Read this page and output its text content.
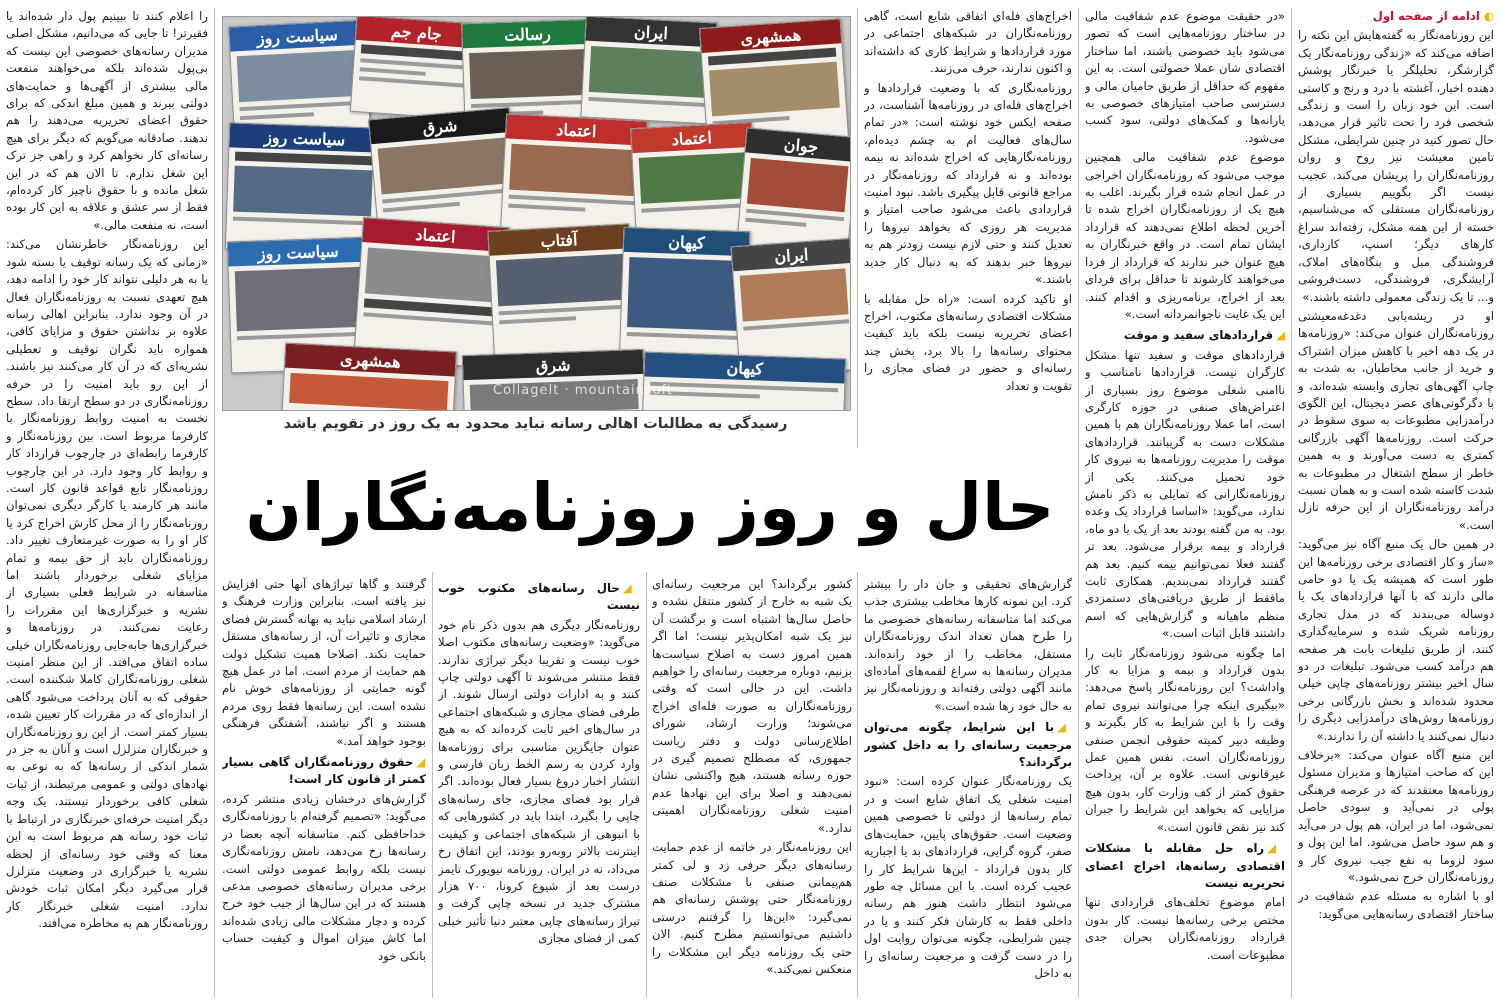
◐ ادامه از صفحه اول

این روزنامه‌نگار به گفته‌هایش این نکته را اضافه می‌کند که «زندگی روزنامه‌نگار یک گزارشگر، تحلیلگر یا خبرنگار پوشش دهنده اخبار، آغشته با درد و رنج و کاستی است. این خود زبان را است و زندگی شخصی فرد را تحت تاثیر قرار می‌دهد، حال تصور کنید در چنین شرایطی، مشکل تامین معیشت نیز روح و روان روزنامه‌نگاران را پریشان می‌کند. عجیب نیست اگر بگوییم بسیاری از روزنامه‌نگاران مستقلی که می‌شناسیم، خسته از این همه مشکل، رفته‌اند سراغ کارهای دیگر؛ اسنپ، کارداری، فروشندگی مبل و بنگاه‌های املاک، آرایشگری، فروشندگی، دست‌فروشی و... تا یک زندگی معمولی داشته باشند.»

او در ریشه‌یابی دغدغه‌معیشتی روزنامه‌نگاران عنوان می‌کند: «روزنامه‌ها در یک دهه اخیر با کاهش میزان اشتراک و خرید از جانب مخاطبان، به شدت به چاپ آگهی‌های تجاری وابسته شده‌اند، و با دگرگونی‌های عصر دیجیتال، این الگوی درآمدزایی مطبوعات به سوی سقوط در حرکت است. روزنامه‌ها آگهی بازرگانی کمتری به دست می‌آورند و به همین خاطر از سطح اشتغال در مطبوعات به شدت کاسته شده است و به همان نسبت درآمد روزنامه‌نگاران از این حرفه نازل است.»

در همین حال یک منبع آگاه نیز می‌گوید: «ساز و کار اقتصادی برخی روزنامه‌ها این طور است که همیشه یک یا دو حامی مالی دارند که با آنها قراردادهای یک یا دوساله می‌بندند که در مدل تجاری روزنامه شریک شده و سرمایه‌گذاری کنند. از طریق تبلیغات بابت هر صفحه هم درآمد کسب می‌شود. تبلیغات در دو سال اخیر بیشتر روزنامه‌های چاپی خیلی محدود شده‌اند و بخش بازرگانی برخی روزنامه‌ها روش‌های درآمدزایی دیگری را دنبال نمی‌کنند یا داشته آن را ندارند.»

این منبع آگاه عنوان می‌کند: «برخلاف این که صاحب امتیازها و مدیران مسئول روزنامه‌ها معتقدند که در عرصه فرهنگی پولی در نمی‌آید و سودی حاصل نمی‌شود، اما در ایران، هم پول در می‌آید و هم سود حاصل می‌شود. اما این پول و سود لزوما به نفع جیب نیروی کار و روزنامه‌نگاران خرج نمی‌شود.»

او با اشاره به مسئله عدم شفافیت در ساختار اقتصادی رسانه‌هایی می‌گوید:

«در حقیقت موضوع عدم شفافیت مالی در ساختار روزنامه‌هایی است که تصور می‌شود باید خصوصی باشند، اما ساختار اقتصادی شان عملا خصولتی است. به این مفهوم که حداقل از طریق حامیان مالی و دسترسی صاحب امتیازهای خصوصی به یارانه‌ها و کمک‌های دولتی، سود کسب می‌شود.

موضوع عدم شفافیت مالی همچنین موجب می‌شود که روزنامه‌نگاران اخراجی در عمل انجام شده قرار بگیرند. اغلب به هیچ یک از روزنامه‌نگاران اخراج شده تا آخرین لحظه اطلاع نمی‌دهند که قرارداد ایشان تمام است. در واقع خبرنگاران به هیچ عنوان خبر ندارند که قرارداد از فردا می‌خواهند کارشوند تا حداقل برای فردای بعد از اخراج، برنامه‌ریزی و اقدام کنند. این یک غایت ناجوانمردانه است.»

◢قراردادهای سفید و موقت

قراردادهای موقت و سفید تنها مشکل کارگران نیست. قراردادها نامناسب و ناامنی شغلی موضوع روز بسیاری از اعتراض‌های صنفی در حوزه کارگری است، اما عملا روزنامه‌نگاران هم با همین مشکلات دست به گریبانند. قراردادهای موقت را مدیریت روزنامه‌ها به نیروی کار خود تحمیل می‌کنند. یکی از روزنامه‌نگارانی که تمایلی به ذکر نامش ندارد، می‌گوید: «اساسا قرارداد یک وعده بود. به من گفته بودند بعد از یک یا دو ماه، قرارداد و بیمه برقرار می‌شود. بعد تر گفتند فعلا نمی‌توانیم بیمه کنیم. بعد هم گفتند قرارداد نمی‌بندیم. همکاری ثابت مافقط از طریق دریافتی‌های دستمزدی منظم ماهیانه و گزارش‌هایی که اسم داشتند قابل اثبات است.»

اما چگونه می‌شود روزنامه‌نگار ثابت را بدون قرارداد و بیمه و مزایا به کار واداشت؟ این روزنامه‌نگار پاسخ می‌دهد: «بیگیری اینکه چرا می‌توانند نیروی تمام وقت را با این شرایط به کار بگیرند و وظیفه دبیر کمیته حقوقی انجمن صنفی روزنامه‌نگاران است. نفس همین عمل غیرقانونی است. علاوه بر آن، پرداخت حقوق کمتر از کف وزارت کار، بدون هیچ مزایایی که بخواهد این شرایط را جبران کند نیز نقض قانون است.»

◢راه حل مقابله با مشکلات اقتصادی رسانه‌ها، اخراج اعضای تحریریه نیست

امام موضوع تخلف‌های قراردادی تنها مختص برخی رسانه‌ها نیست. کار بدون قرارداد روزنامه‌نگاران بحران جدی مطبوعات است.

اخراج‌های فله‌ای اتفاقی شایع است، گاهی روزنامه‌نگاران در شبکه‌های اجتماعی در مورد قراردادها و شرایط کاری که داشته‌اند و اکنون ندارند، حرف می‌زنند.

روزنامه‌نگاری که با وضعیت قراردادها و اخراج‌های فله‌ای در روزنامه‌ها آشناست، در صفحه ایکس خود نوشته است: «در تمام سال‌های فعالیت ام به چشم دیده‌ام، روزنامه‌نگارهایی که اخراج شده‌اند نه بیمه بوده‌اند و نه قرارداد که روزنامه‌نگار در مراجع قانونی قابل پیگیری باشد. نبود امنیت قراردادی باعث می‌شود صاحب امتیاز و مدیریت هر روزی که بخواهد نیرو‌ها را تعدیل کنند و حتی لازم نیست زودتر هم به نیرو‌ها خبر بدهند که به دنبال کار جدید باشند.»

او تاکید کرده است: «راه حل مقابله با مشکلات اقتصادی رسانه‌های مکتوب، اخراج اعضای تحریریه نیست بلکه باید کیفیت محتوای رسانه‌ها را بالا برد، بخش چند رسانه‌ای و حضور در فضای مجازی را تقویت و تعداد

سیاست روز	جام جم	رسالت	ایران	همشهری
سیاست روز
شرق	اعتماد	اعتماد	جوان
سیاست روز
اعتماد	آفتاب	کیهان
ایران
همشهری	شرق	کیهان
CollageIt · mountainsoft
رسیدگی به مطالبات اهالی رسانه نباید محدود به یک روز در تقویم باشد
حال و روز روزنامه‌نگاران

گزارش‌های تحقیقی و جان دار را بیشتر کرد. این نمونه کارها مخاطب بیشتری جذب می‌کند اما متاسفانه رسانه‌های خصوصی ما را طرح همان تعداد اندک روزنامه‌نگاران مستقل، مخاطب را از خود رانده‌اند. مدیران رسانه‌ها به سراغ لقمه‌های آماده‌ای مانند آگهی دولتی رفته‌اند و روزنامه‌نگار نیز به حال خود رها شده است.»

◢با این شرایط، چگونه می‌توان مرجعیت رسانه‌ای را به داخل کشور برگرداند؟

یک روزنامه‌نگار عنوان کرده است: «نبود امنیت شغلی یک اتفاق شایع است و در تمام رسانه‌ها از دولتی تا خصوصی همین وضعیت است. حقوق‌های پایین، حمایت‌های صفر، گروه گرایی، قراردادهای بد یا اجباریه کار بدون قرارداد - این‌ها شرایط کار را عجیب کرده است. با این مسائل چه طور می‌شود انتظار داشت هنوز هم رسانه داخلی فقط به کارشان فکر کنند و یا در چنین شرایطی، چگونه می‌توان روایت اول را در دست گرفت و مرجعیت رسانه‌ای را به داخل

کشور برگرداند؟ این مرجعیت رسانه‌ای یک شبه به خارج از کشور منتقل نشده و حاصل سال‌ها اشتباه است و برگشت آن نیز یک شبه امکان‌پذیر نیست؛ اما اگر همین امروز دست به اصلاح سیاست‌ها بزنیم، دوباره مرجعیت رسانه‌ای را خواهیم داشت. این در حالی است که وقتی روزنامه‌نگاران به صورت فله‌ای اخراج می‌شوند؛ وزارت ارشاد، شورای اطلاع‌رسانی دولت و دفتر ریاست جمهوری، که مصطلح تصمیم گیری در حوزه رسانه هستند، هیچ واکنشی نشان نمی‌دهند و اصلا برای این نهادها عدم امنیت شغلی روزنامه‌نگاران اهمیتی ندارد.»

این روزنامه‌نگار در خاتمه از عدم حمایت رسانه‌های دیگر حرفی زد و لی کمتر هم‌پیمانی صنفی با مشکلات صنف روزنامه‌نگار حتی پوشش رسانه‌ای هم نمی‌گیرد: «این‌ها را گرفتنم درستی داشتیم می‌توانستیم مطرح کنیم. الان حتی یک روزنامه دیگر این مشکلات را منعکس نمی‌کند.»

◢حال رسانه‌های مکتوب خوب نیست

روزنامه‌نگار دیگری هم بدون ذکر نام خود می‌گوید: «وضعیت رسانه‌های مکتوب اصلا خوب نیست و تقریبا دیگر تیراژی ندارند. فقط منتشر می‌شوند تا آگهی دولتی چاپ کنند و به ادارات دولتی ارسال شوند. از طرفی فضای مجازی و شبکه‌های اجتماعی در سال‌های اخیر ثابت کرده‌اند که به هیچ عنوان جایگزین مناسبی برای روزنامه‌ها وارد کردن به رسم الخط زبان فارسی و انتشار اخبار دروغ بسیار فعال بوده‌اند. اگر قرار بود فضای مجازی، جای رسانه‌های چاپی را بگیرد، ابتدا باید در کشورهایی که با انبوهی از شبکه‌های اجتماعی و کیفیت اینترنت بالاتر روبه‌رو بودند، این اتفاق رخ می‌داد، نه در ایران. روزنامه نیویورک تایمز درست بعد از شیوع کرونا، ۷۰۰ هزار مشترک جدید در نسخه چاپی گرفت و تیراژ رسانه‌های چاپی معتبر دنیا تأثیر خیلی کمی از فضای مجازی

گرفتند و گاها تیراژهای آنها حتی افزایش نیز یافته است. بنابراین وزارت فرهنگ و ارشاد اسلامی نباید به بهانه گسترش فضای مجازی و تاثیرات آن، از رسانه‌های مستقل حمایت نکند. اصلاحا همیت تشکیل دولت هم حمایت از مردم است. اما در عمل هیچ گونه حمایتی از روزنامه‌های خوش نام نشده است. این رسانه‌ها فقط روی مردم هستند و اگر نباشند، آشفتگی فرهنگی بوجود خواهد آمد.»

◢حقوق روزنامه‌نگاران گاهی بسیار کمتر از قانون کار است!

گزارش‌های درخشان زیادی منتشر کرده، می‌گوید: «تصمیم گرفته‌ام با روزنامه‌نگاری خداحافظی کنم. متاسفانه آنچه بعضا در رسانه‌ها رخ می‌دهد، نامش روزنامه‌نگاری نیست بلکه روابط عمومی دولتی است. برخی مدیران رسانه‌های خصوصی مدعی هستند که در این سال‌ها از جیب خود خرج کرده و دچار مشکلات مالی زیادی شده‌اند اما کاش میزان اموال و کیفیت حساب بانکی خود

را اعلام کنند تا ببینیم پول دار شده‌اند یا فقیرتر! تا جایی که می‌دانیم، مشکل اصلی مدیران رسانه‌های خصوصی این نیست که بی‌پول شده‌اند بلکه می‌خواهند منفعت مالی بیشتری از آگهی‌ها و حمایت‌های دولتی ببرند و همین مبلغ اندکی که برای حقوق اعضای تحریریه می‌دهند را هم ندهند. صادقانه می‌گویم که دیگر برای هیچ رسانه‌ای کار نخواهم کرد و راهی جز ترک این شغل ندارم. تا الان هم که در این شغل مانده و با حقوق ناچیز کار کرده‌ام، فقط از سر عشق و علاقه به این کار بوده است، نه منفعت مالی.»

این روزنامه‌نگار خاطرنشان می‌کند: «زمانی که یک رسانه توقیف یا بسته شود یا به هر دلیلی نتواند کار خود را ادامه دهد، هیچ تعهدی نسبت به روزنامه‌نگاران فعال در آن وجود ندارد. بنابراین اهالی رسانه علاوه بر نداشتن حقوق و مزایای کافی، همواره باید نگران توقیف و تعطیلی نشریه‌ای که در آن کار می‌کنند نیز باشند. از این رو باید امنیت را در حرفه روزنامه‌نگاری در دو سطح ارتقا داد. سطح نخست به امنیت روابط روزنامه‌نگار با کارفرما مربوط است. بین روزنامه‌نگار و کارفرما رابطه‌ای در چارچوب قرارداد کار و روابط کار وجود دارد. در این چارچوب روزنامه‌نگار تابع قواعد قانون کار است. مانند هر کارمند یا کارگر دیگری نمی‌توان روزنامه‌نگار را از محل کارش اخراج کرد یا کار او را به صورت غیرمتعارف تغییر داد. روزنامه‌نگاران باید از حق بیمه و تمام مزایای شغلی برخوردار باشند اما متاسفانه در شرایط فعلی بسیاری از نشریه و خبرگزاری‌ها این مقررات را رعایت نمی‌کنند. در روزنامه‌ها و خبرگزاری‌ها جابه‌جایی روزنامه‌نگاران خیلی ساده اتفاق می‌افتد. از این منظر امنیت شغلی روزنامه‌نگاران کاملا شکننده است. حقوقی که به آنان پرداخت می‌شود گاهی از اندازه‌ای که در مقررات کار تعیین شده، بسیار کمتر است. از این رو روزنامه‌نگاران و خبرنگاران متزلزل است و آنان به جز در شمار اندکی از رسانه‌ها که به نوعی به نهادهای دولتی و عمومی مرتبطند، از ثبات شغلی کافی برخوردار نیستند. یک وجه دیگر امنیت حرفه‌ای خبرنگاری در ارتباط با ثبات خود رسانه هم مربوط است به این معنا که وقتی خود رسانه‌ای از لحظه نشریه یا خبرگزاری در وضعیت متزلزل قرار می‌گیرد دیگر امکان ثبات خودش ندارد. امنیت شغلی خبرنگار کار روزنامه‌نگار هم به مخاطره می‌افتد.
